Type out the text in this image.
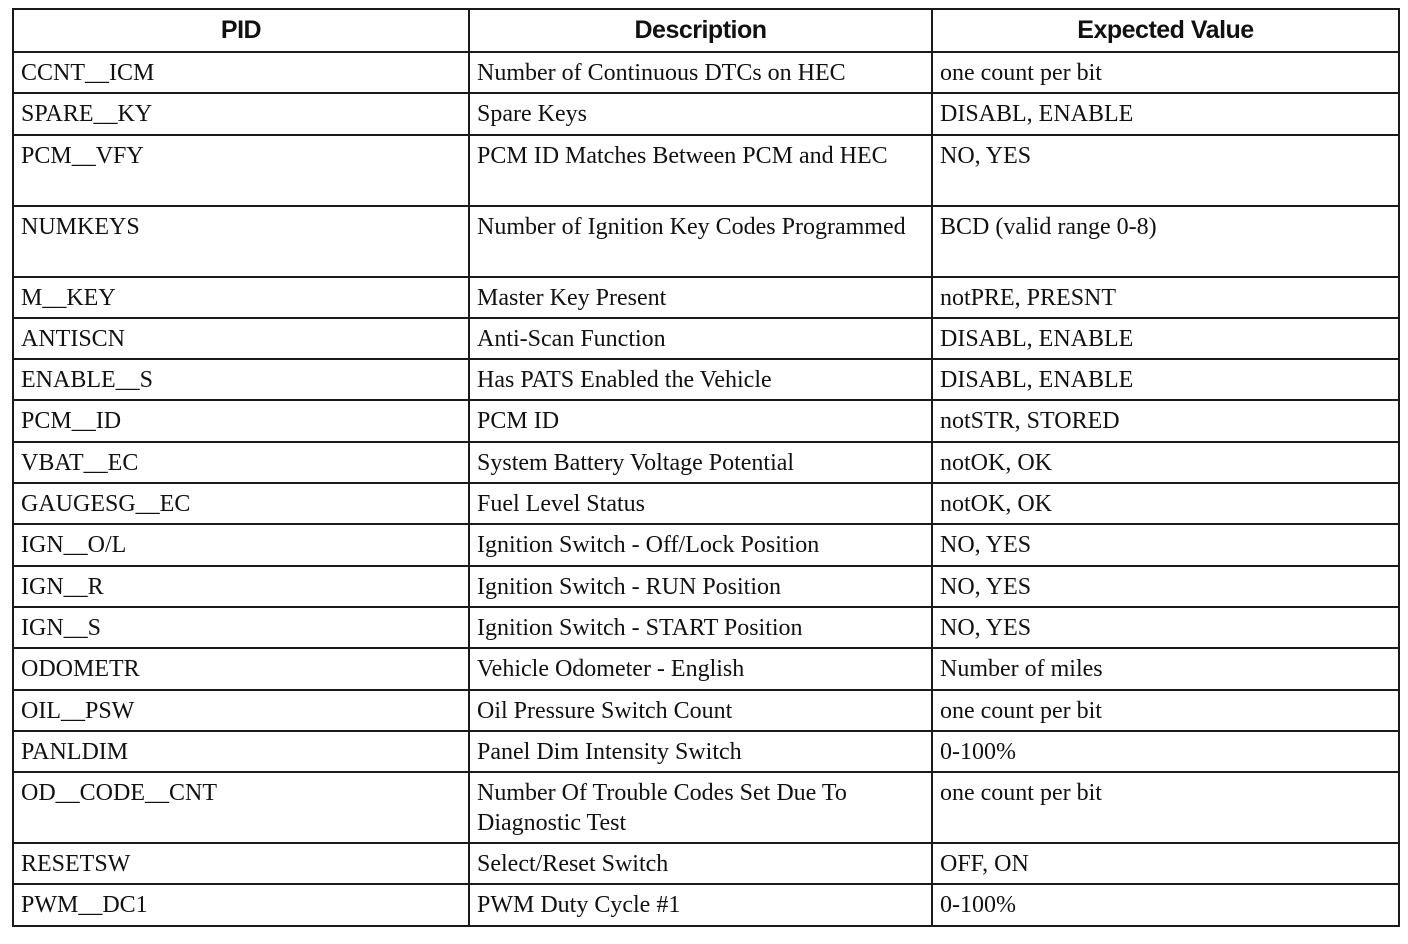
PID	Description	Expected Value
CCNT__ICM	Number of Continuous DTCs on HEC	one count per bit
SPARE__KY	Spare Keys	DISABL, ENABLE
PCM__VFY	PCM ID Matches Between PCM and HEC	NO, YES
NUMKEYS	Number of Ignition Key Codes Programmed	BCD (valid range 0-8)
M__KEY	Master Key Present	notPRE, PRESNT
ANTISCN	Anti-Scan Function	DISABL, ENABLE
ENABLE__S	Has PATS Enabled the Vehicle	DISABL, ENABLE
PCM__ID	PCM ID	notSTR, STORED
VBAT__EC	System Battery Voltage Potential	notOK, OK
GAUGESG__EC	Fuel Level Status	notOK, OK
IGN__O/L	Ignition Switch - Off/Lock Position	NO, YES
IGN__R	Ignition Switch - RUN Position	NO, YES
IGN__S	Ignition Switch - START Position	NO, YES
ODOMETR	Vehicle Odometer - English	Number of miles
OIL__PSW	Oil Pressure Switch Count	one count per bit
PANLDIM	Panel Dim Intensity Switch	0-100%
OD__CODE__CNT	Number Of Trouble Codes Set Due To Diagnostic Test	one count per bit
RESETSW	Select/Reset Switch	OFF, ON
PWM__DC1	PWM Duty Cycle #1	0-100%
